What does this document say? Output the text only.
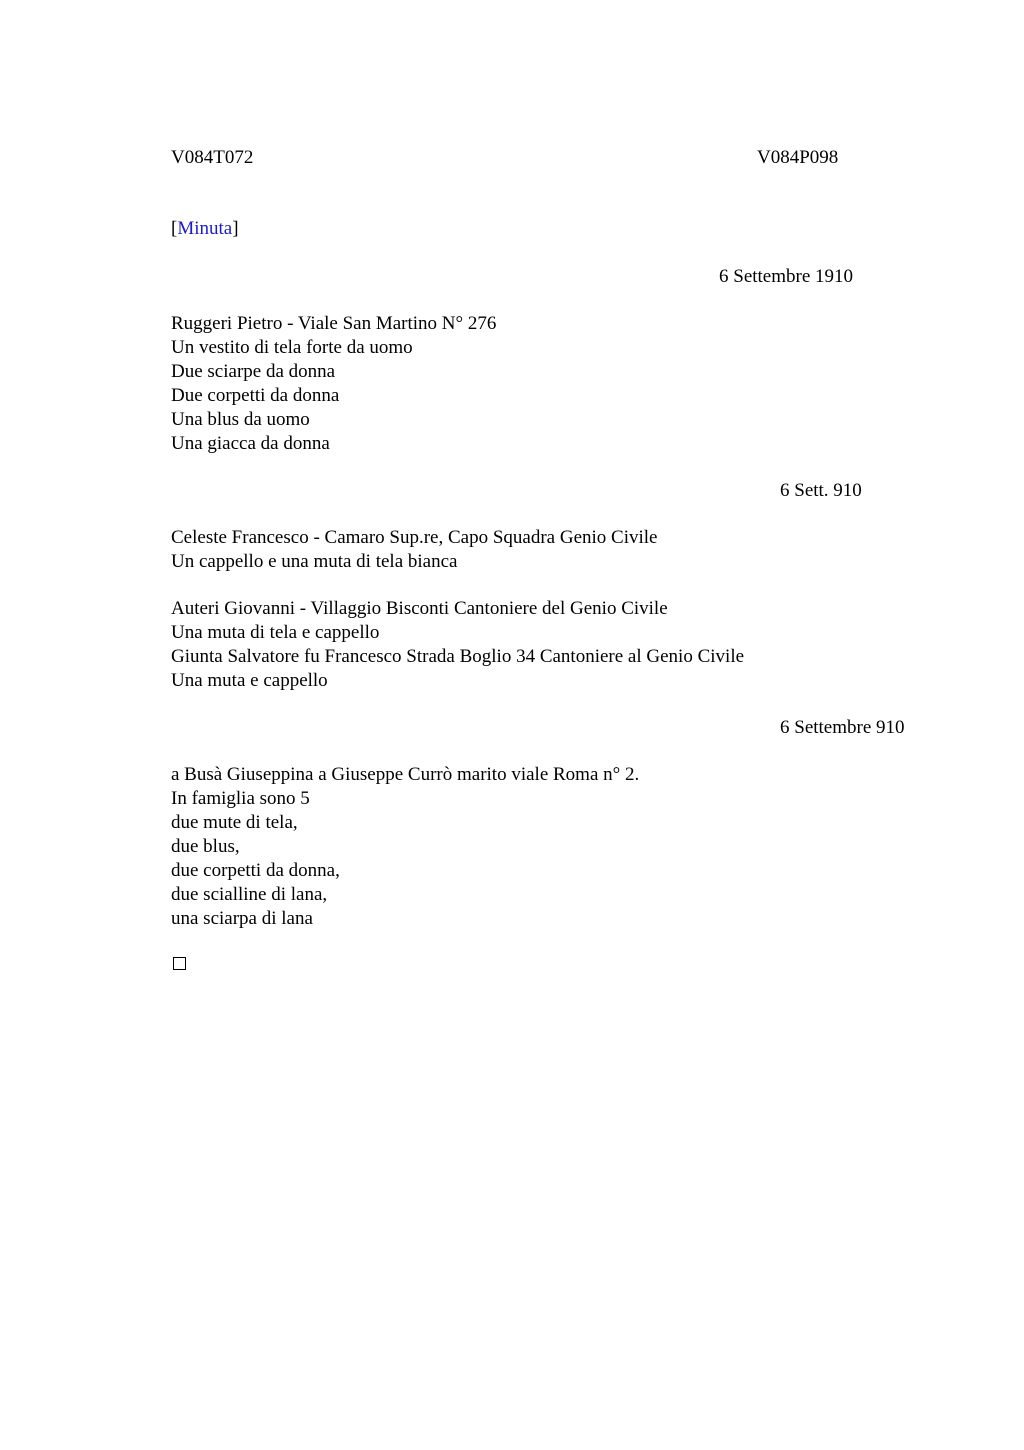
V084T072	V084P098
[Minuta]
6 Settembre 1910
Ruggeri Pietro - Viale San Martino N° 276
Un vestito di tela forte da uomo
Due sciarpe da donna
Due corpetti da donna
Una blus da uomo
Una giacca da donna
6 Sett. 910
Celeste Francesco - Camaro Sup.re, Capo Squadra Genio Civile
Un cappello e una muta di tela bianca
Auteri Giovanni - Villaggio Bisconti Cantoniere del Genio Civile
Una muta di tela e cappello
Giunta Salvatore fu Francesco Strada Boglio 34 Cantoniere al Genio Civile
Una muta e cappello
6 Settembre 910
a Busà Giuseppina a Giuseppe Currò marito viale Roma n° 2.
In famiglia sono 5
due mute di tela,
due blus,
due corpetti da donna,
due scialline di lana,
una sciarpa di lana
